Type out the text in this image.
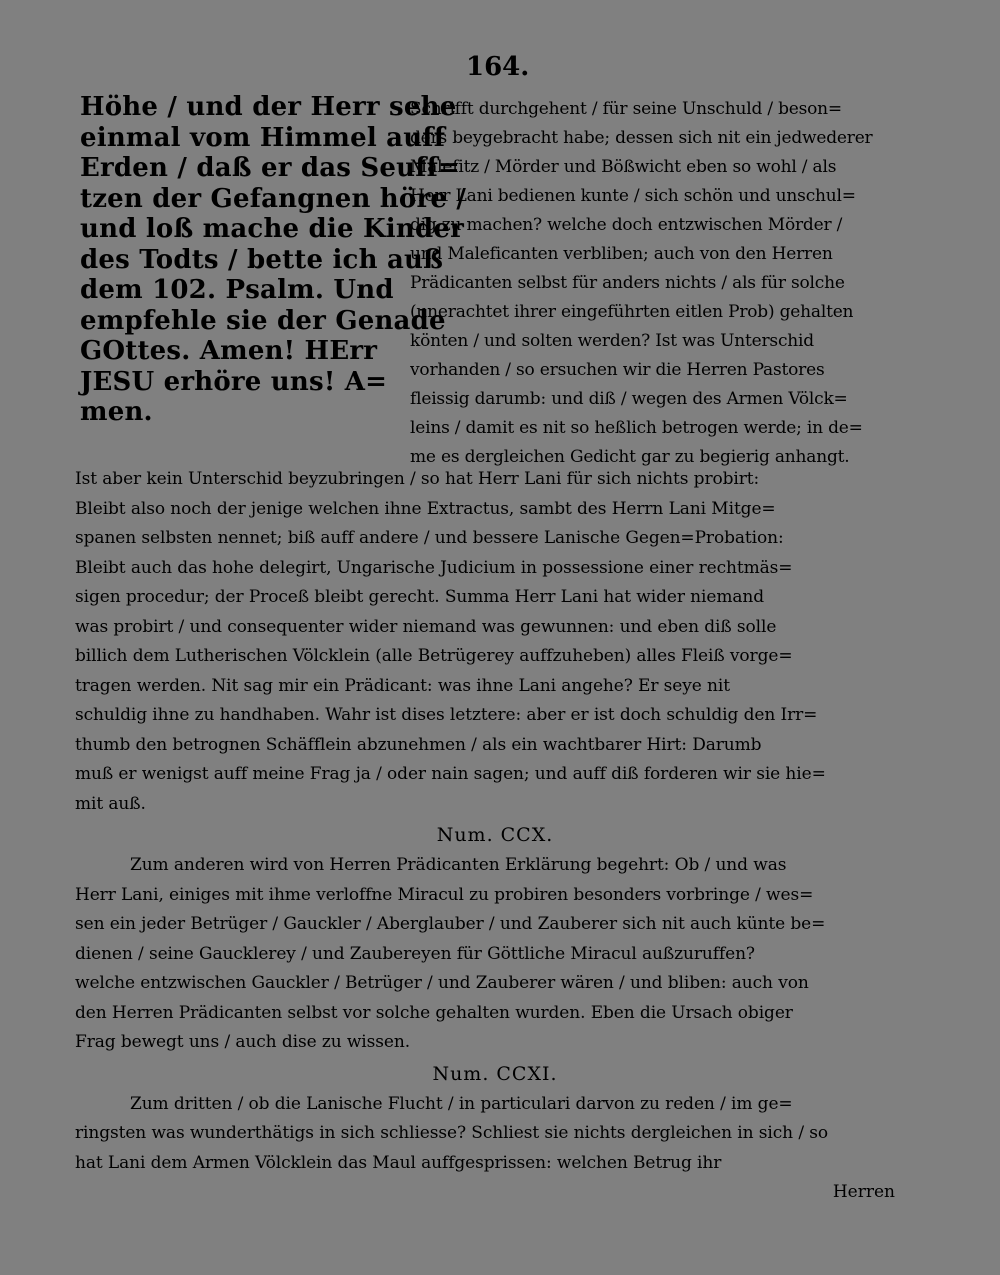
164.
Höhe / und der Herr sehe
einmal vom Himmel auff
Erden / daß er das Seuff=
tzen der Gefangnen höre /
und loß mache die Kinder
des Todts / bette ich auß
dem 102. Psalm. Und
empfehle sie der Genade
GOttes. Amen! HErr
JESU erhöre uns! A=
men.
Schrifft durchgehent / für seine Unschuld / beson=
ders beygebracht habe; dessen sich nit ein jedwederer
Malefitz / Mörder und Bößwicht eben so wohl / als
Herr Lani bedienen kunte / sich schön und unschul=
dig zu machen? welche doch entzwischen Mörder /
und Maleficanten verbliben; auch von den Herren
Prädicanten selbst für anders nichts / als für solche
(unerachtet ihrer eingeführten eitlen Prob) gehalten
könten / und solten werden? Ist was Unterschid
vorhanden / so ersuchen wir die Herren Pastores
fleissig darumb: und diß / wegen des Armen Völck=
leins / damit es nit so heßlich betrogen werde; in de=
me es dergleichen Gedicht gar zu begierig anhangt.
Ist aber kein Unterschid beyzubringen / so hat Herr Lani für sich nichts probirt:
Bleibt also noch der jenige welchen ihne Extractus, sambt des Herrn Lani Mitge=
spanen selbsten nennet; biß auff andere / und bessere Lanische Gegen=Probation:
Bleibt auch das hohe delegirt, Ungarische Judicium in possessione einer rechtmäs=
sigen procedur; der Proceß bleibt gerecht. Summa Herr Lani hat wider niemand
was probirt / und consequenter wider niemand was gewunnen: und eben diß solle
billich dem Lutherischen Völcklein (alle Betrügerey auffzuheben) alles Fleiß vorge=
tragen werden. Nit sag mir ein Prädicant: was ihne Lani angehe? Er seye nit
schuldig ihne zu handhaben. Wahr ist dises letztere: aber er ist doch schuldig den Irr=
thumb den betrognen Schäfflein abzunehmen / als ein wachtbarer Hirt: Darumb
muß er wenigst auff meine Frag ja / oder nain sagen; und auff diß forderen wir sie hie=
mit auß.
Num. CCX.
Zum anderen wird von Herren Prädicanten Erklärung begehrt: Ob / und was
Herr Lani, einiges mit ihme verloffne Miracul zu probiren besonders vorbringe / wes=
sen ein jeder Betrüger / Gauckler / Aberglauber / und Zauberer sich nit auch künte be=
dienen / seine Gaucklerey / und Zaubereyen für Göttliche Miracul außzuruffen?
welche entzwischen Gauckler / Betrüger / und Zauberer wären / und bliben: auch von
den Herren Prädicanten selbst vor solche gehalten wurden. Eben die Ursach obiger
Frag bewegt uns / auch dise zu wissen.
Num. CCXI.
Zum dritten / ob die Lanische Flucht / in particulari darvon zu reden / im ge=
ringsten was wunderthätigs in sich schliesse? Schliest sie nichts dergleichen in sich / so
hat Lani dem Armen Völcklein das Maul auffgesprissen: welchen Betrug ihr
Herren
